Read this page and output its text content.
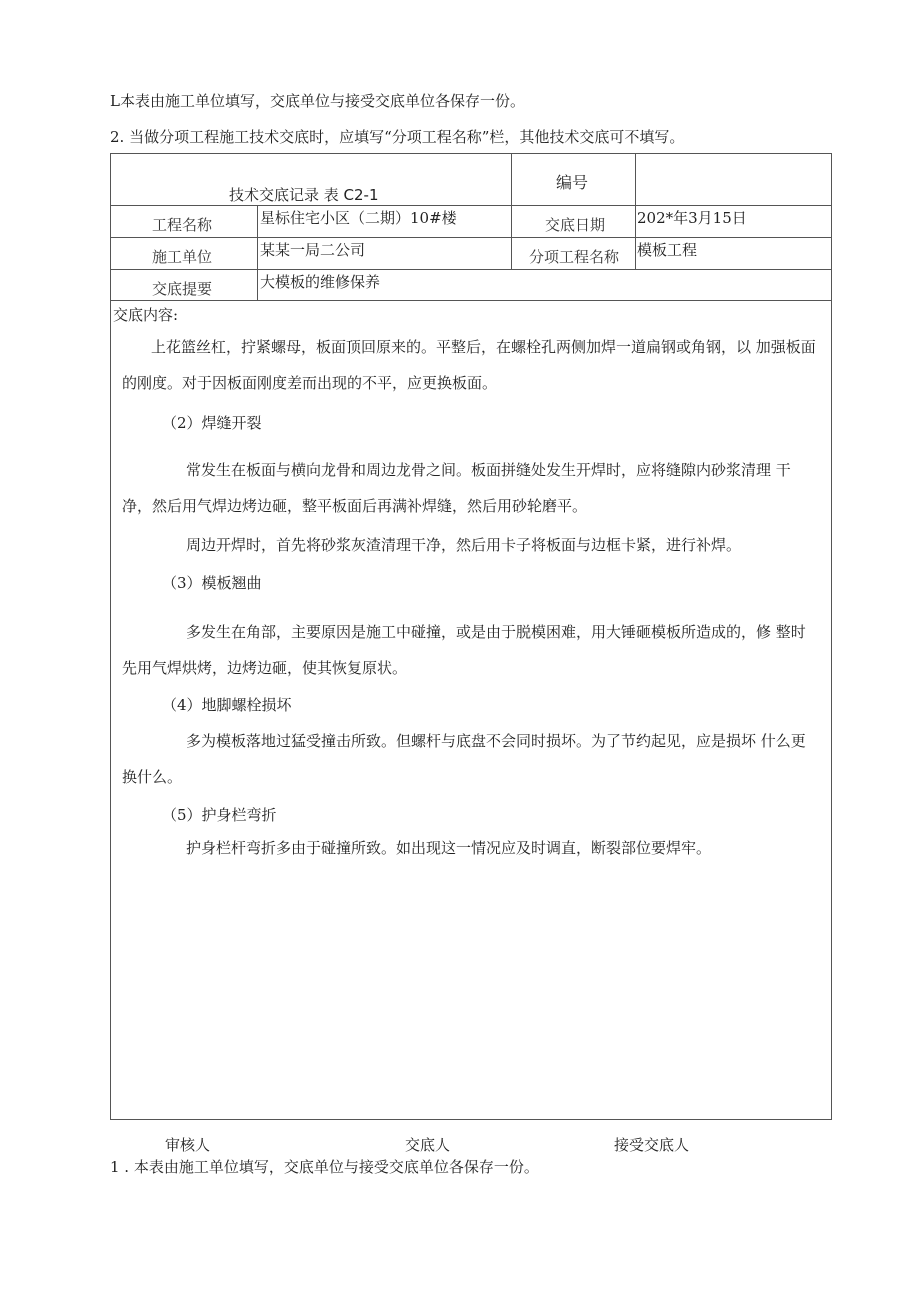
L本表由施工单位填写，交底单位与接受交底单位各保存一份。
2. 当做分项工程施工技术交底时，应填写“分项工程名称”栏，其他技术交底可不填写。
技术交底记录 表 C2-1
编号
工程名称	星标住宅小区（二期）10#楼	交底日期 202*年3月15日
施工单位	某某一局二公司	分项工程名称 模板工程
交底提要	大模板的维修保养
交底内容:

上花篮丝杠，拧紧螺母，板面顶回原来的。平整后，在螺栓孔两侧加焊一道扁钢或角钢，以 加强板面

的刚度。对于因板面刚度差而出现的不平，应更换板面。

（2）焊缝开裂

常发生在板面与横向龙骨和周边龙骨之间。板面拼缝处发生开焊时，应将缝隙内砂浆清理 干

净，然后用气焊边烤边砸，整平板面后再满补焊缝，然后用砂轮磨平。

周边开焊时，首先将砂浆灰渣清理干净，然后用卡子将板面与边框卡紧，进行补焊。

（3）模板翘曲

多发生在角部，主要原因是施工中碰撞，或是由于脱模困难，用大锤砸模板所造成的，修 整时

先用气焊烘烤，边烤边砸，使其恢复原状。

（4）地脚螺栓损坏

多为模板落地过猛受撞击所致。但螺杆与底盘不会同时损坏。为了节约起见，应是损坏 什么更

换什么。

（5）护身栏弯折

护身栏杆弯折多由于碰撞所致。如出现这一情况应及时调直，断裂部位要焊牢。

审核人	交底人	接受交底人
1 . 本表由施工单位填写，交底单位与接受交底单位各保存一份。
